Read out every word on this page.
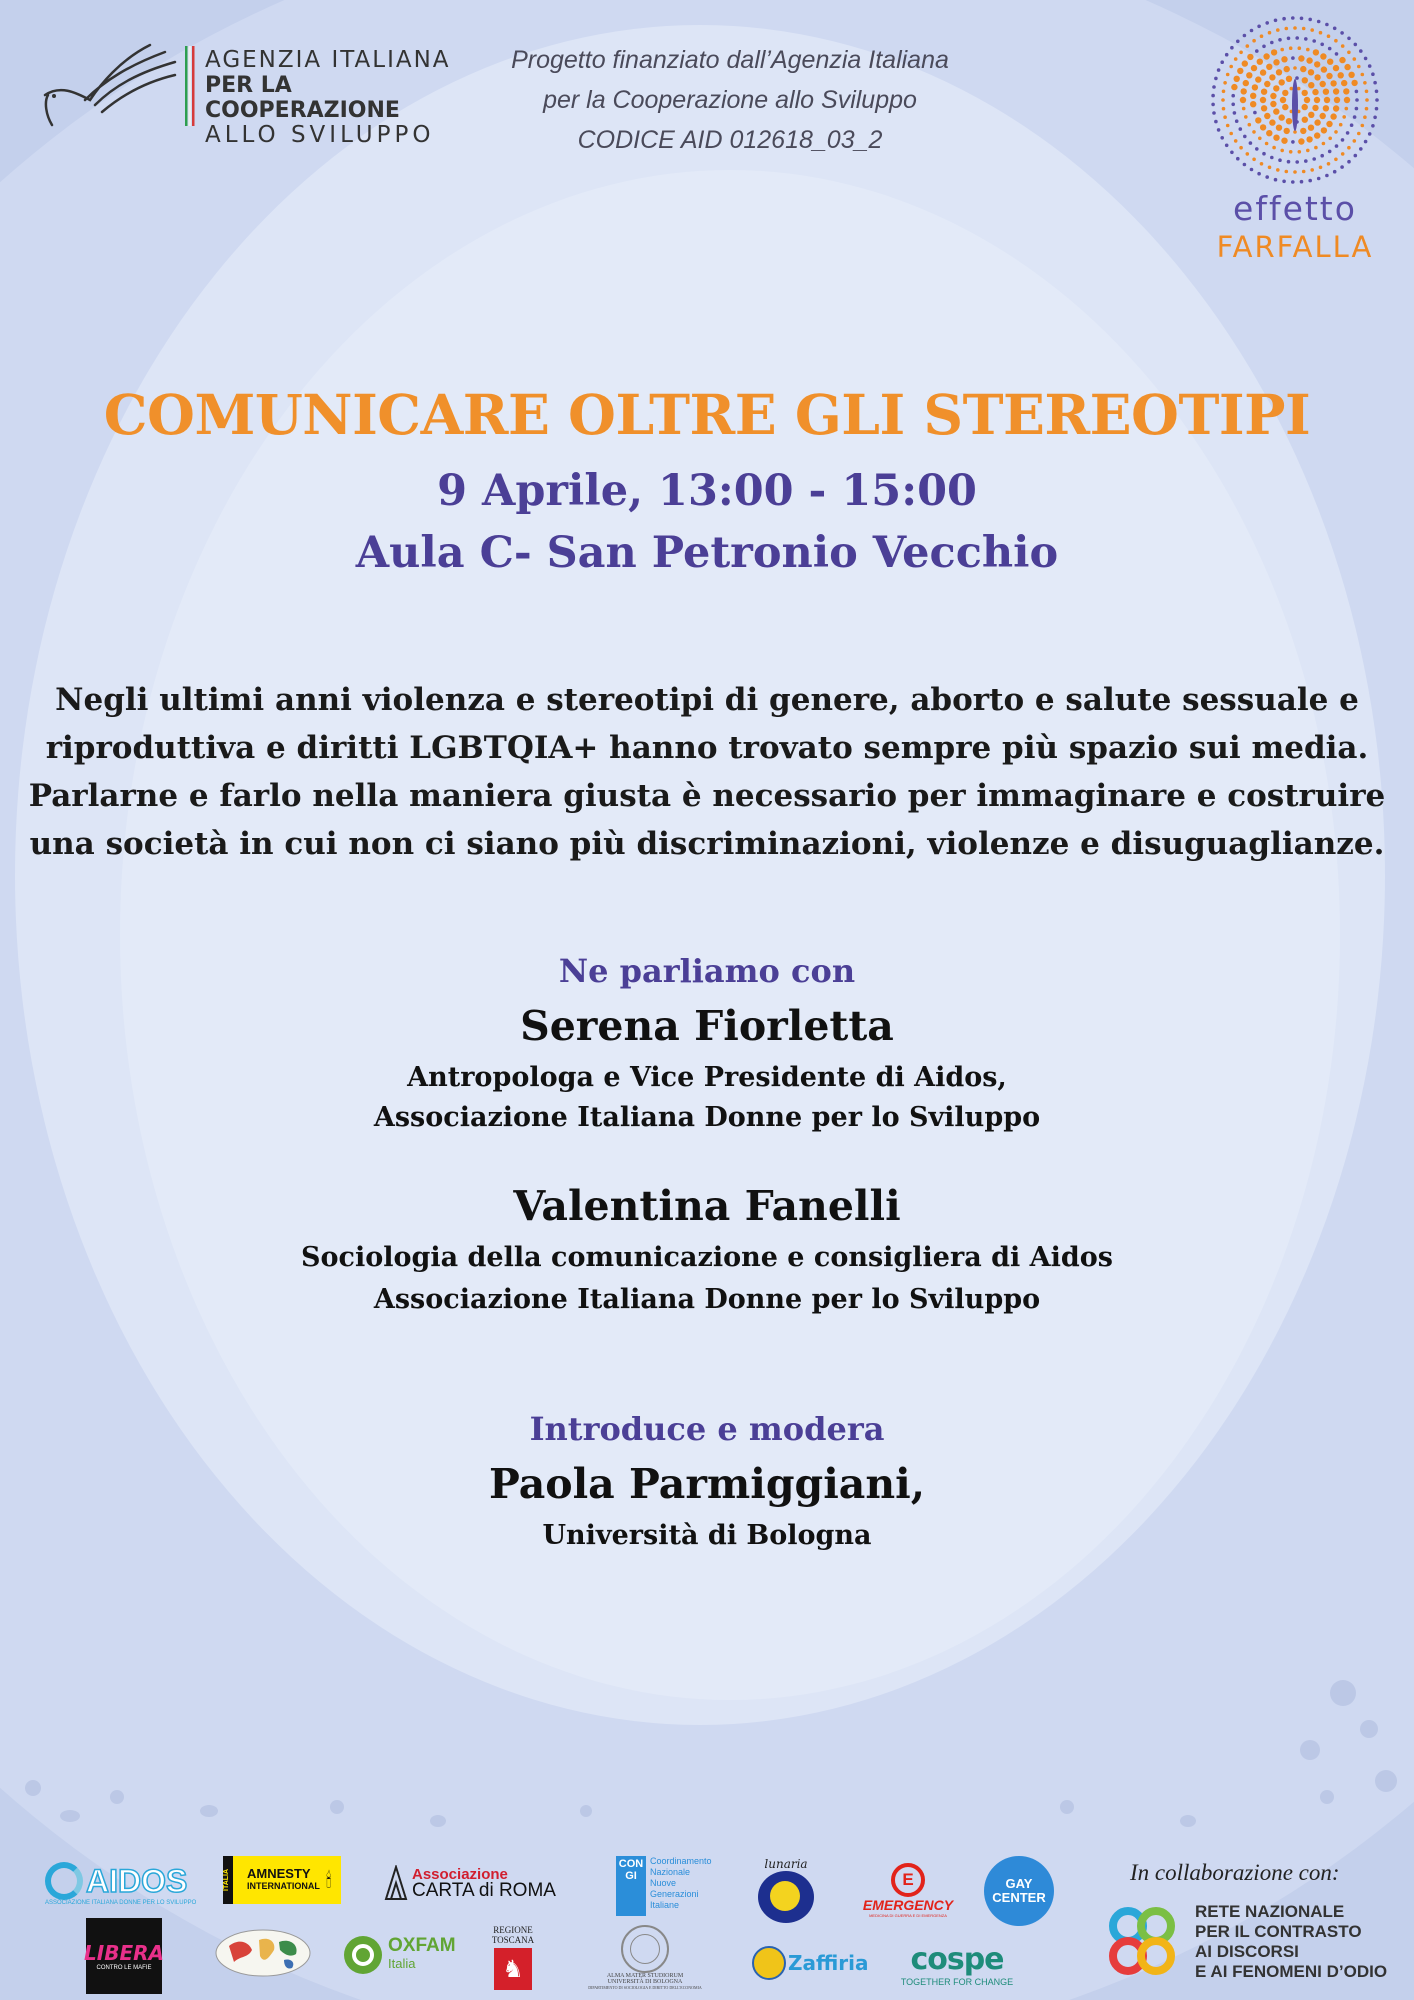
AGENZIA ITALIANA
PER LA COOPERAZIONE
ALLO SVILUPPO
Progetto finanziato dall’Agenzia Italiana
per la Cooperazione allo Sviluppo
CODICE AID 012618_03_2
effetto
FARFALLA
COMUNICARE OLTRE GLI STEREOTIPI
9 Aprile, 13:00 - 15:00
Aula C- San Petronio Vecchio
Negli ultimi anni violenza e stereotipi di genere, aborto e salute sessuale e riproduttiva e diritti LGBTQIA+ hanno trovato sempre più spazio sui media. Parlarne e farlo nella maniera giusta è necessario per immaginare e costruire una società in cui non ci siano più discriminazioni, violenze e disuguaglianze.
Ne parliamo con
Serena Fiorletta
Antropologa e Vice Presidente di Aidos,
Associazione Italiana Donne per lo Sviluppo
Valentina Fanelli
Sociologia della comunicazione e consigliera di Aidos
Associazione Italiana Donne per lo Sviluppo
Introduce e modera
Paola Parmiggiani,
Università di Bologna
AIDOS
ASSOCIAZIONE ITALIANA DONNE PER LO SVILUPPO
ITALIA AMNESTY
INTERNATIONAL 🕯	Associazione
CARTA di ROMA
CONGI
Coordinamento
Nazionale
Nuove
Generazioni
Italiane
lunaria
E
EMERGENCY
MEDICINA DI GUERRA E DI EMERGENZA
GAY
CENTER
In collaborazione con:
LIBERA
CONTRO LE MAFIE
OXFAM
Italia
REGIONE
TOSCANA
♞	ALMA MATER STUDIORUM
UNIVERSITÀ DI BOLOGNA
DIPARTIMENTO DI SOCIOLOGIA E DIRITTO DELL'ECONOMIA
Zaffiria cospe
TOGETHER FOR CHANGE
RETE NAZIONALE
PER IL CONTRASTO
AI DISCORSI
E AI FENOMENI D’ODIO
